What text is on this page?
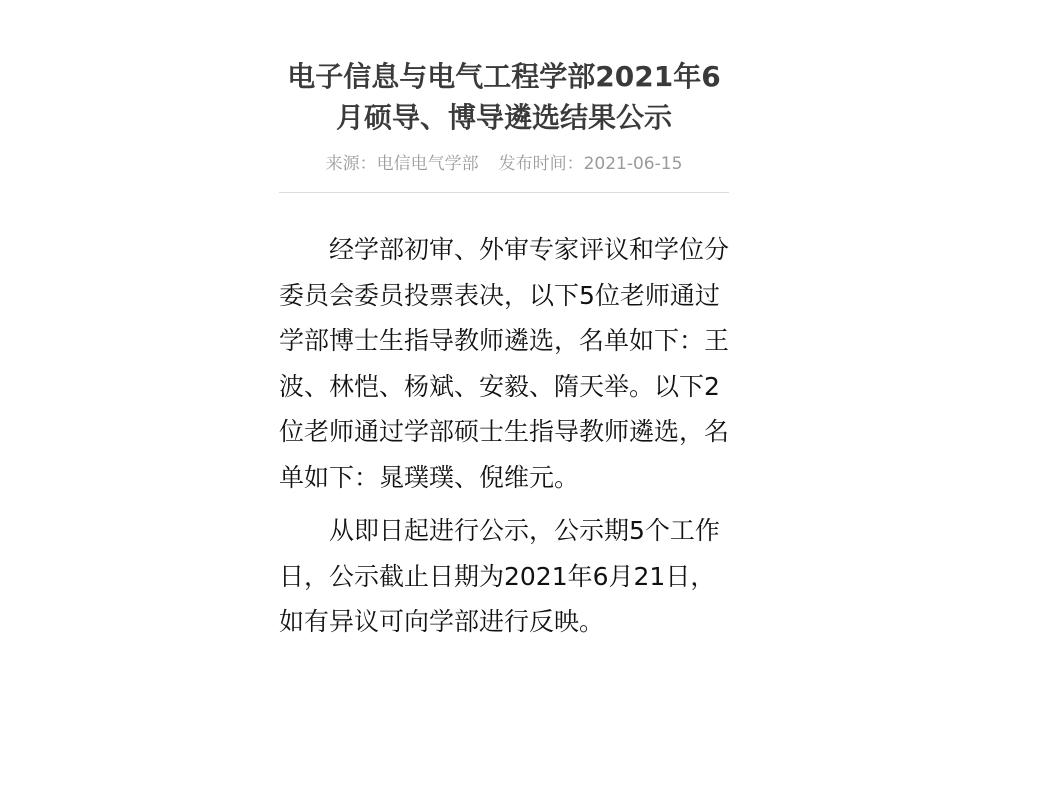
电子信息与电气工程学部2021年6月硕导、博导遴选结果公示
来源：电信电气学部 发布时间：2021-06-15

经学部初审、外审专家评议和学位分委员会委员投票表决，以下5位老师通过学部博士生指导教师遴选，名单如下：王波、林恺、杨斌、安毅、隋天举。以下2位老师通过学部硕士生指导教师遴选，名单如下：晁璞璞、倪维元。

从即日起进行公示，公示期5个工作日，公示截止日期为2021年6月21日，如有异议可向学部进行反映。
